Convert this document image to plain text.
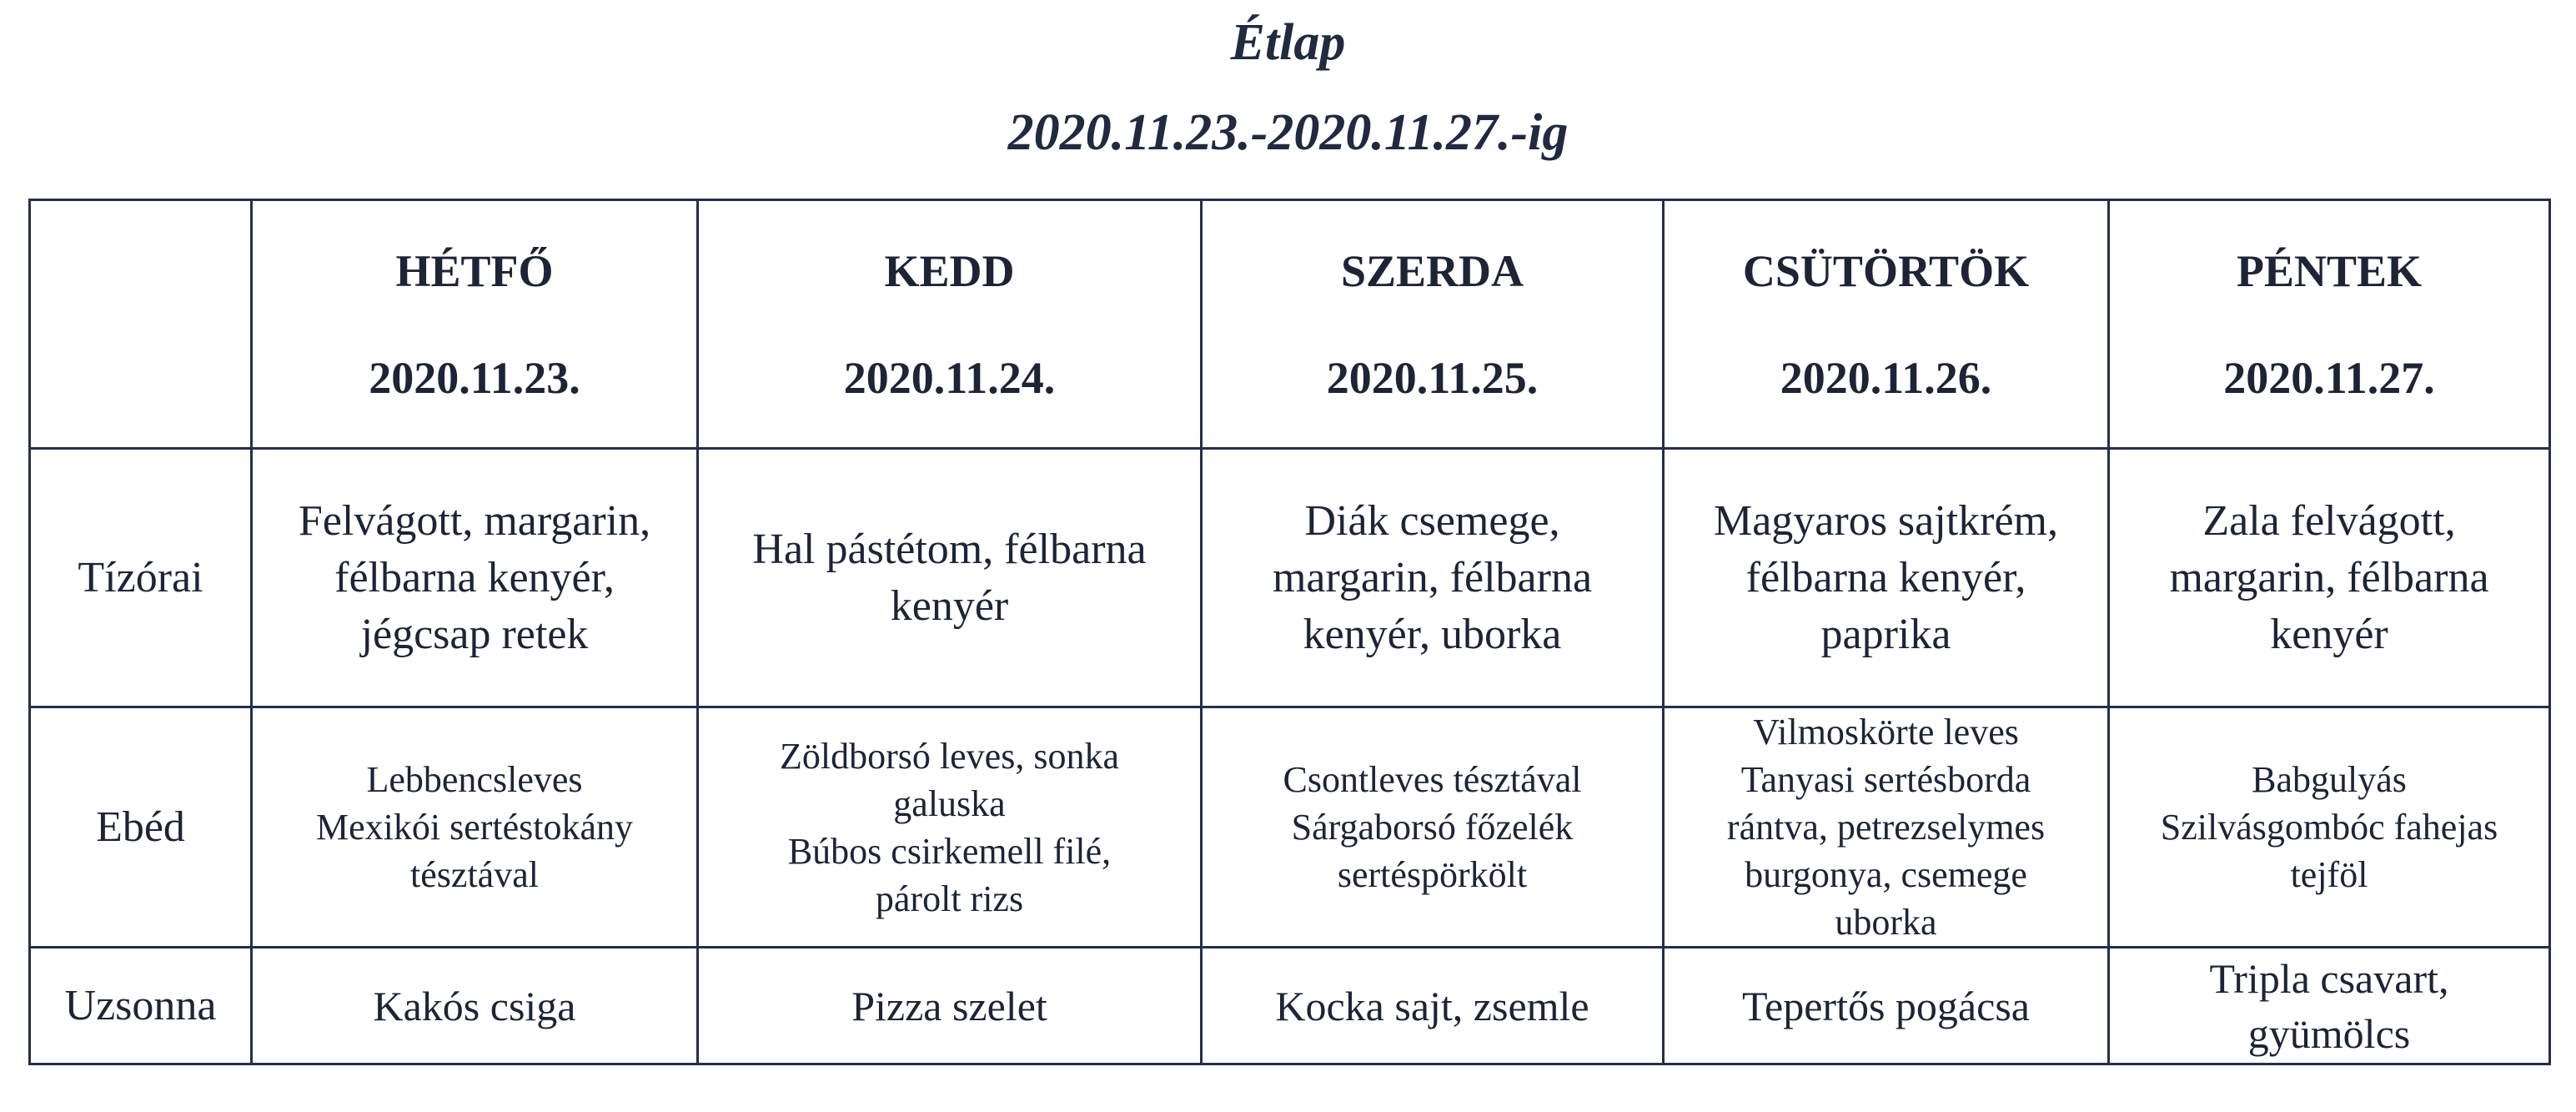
Étlap
2020.11.23.-2020.11.27.-ig

	HÉTFŐ
2020.11.23.	KEDD
2020.11.24.	SZERDA
2020.11.25.	CSÜTÖRTÖK
2020.11.26.	PÉNTEK
2020.11.27.

Tízórai	Felvágott, margarin,
félbarna kenyér,
jégcsap retek	Hal pástétom, félbarna
kenyér	Diák csemege,
margarin, félbarna
kenyér, uborka	Magyaros sajtkrém,
félbarna kenyér,
paprika	Zala felvágott,
margarin, félbarna
kenyér
Ebéd	Lebbencsleves
Mexikói sertéstokány
tésztával	Zöldborsó leves, sonka
galuska
Búbos csirkemell filé,
párolt rizs	Csontleves tésztával
Sárgaborsó főzelék
sertéspörkölt	Vilmoskörte leves
Tanyasi sertésborda
rántva, petrezselymes
burgonya, csemege
uborka	Babgulyás
Szilvásgombóc fahejas
tejföl
Uzsonna	Kakós csiga	Pizza szelet	Kocka sajt, zsemle	Tepertős pogácsa	Tripla csavart,
gyümölcs
